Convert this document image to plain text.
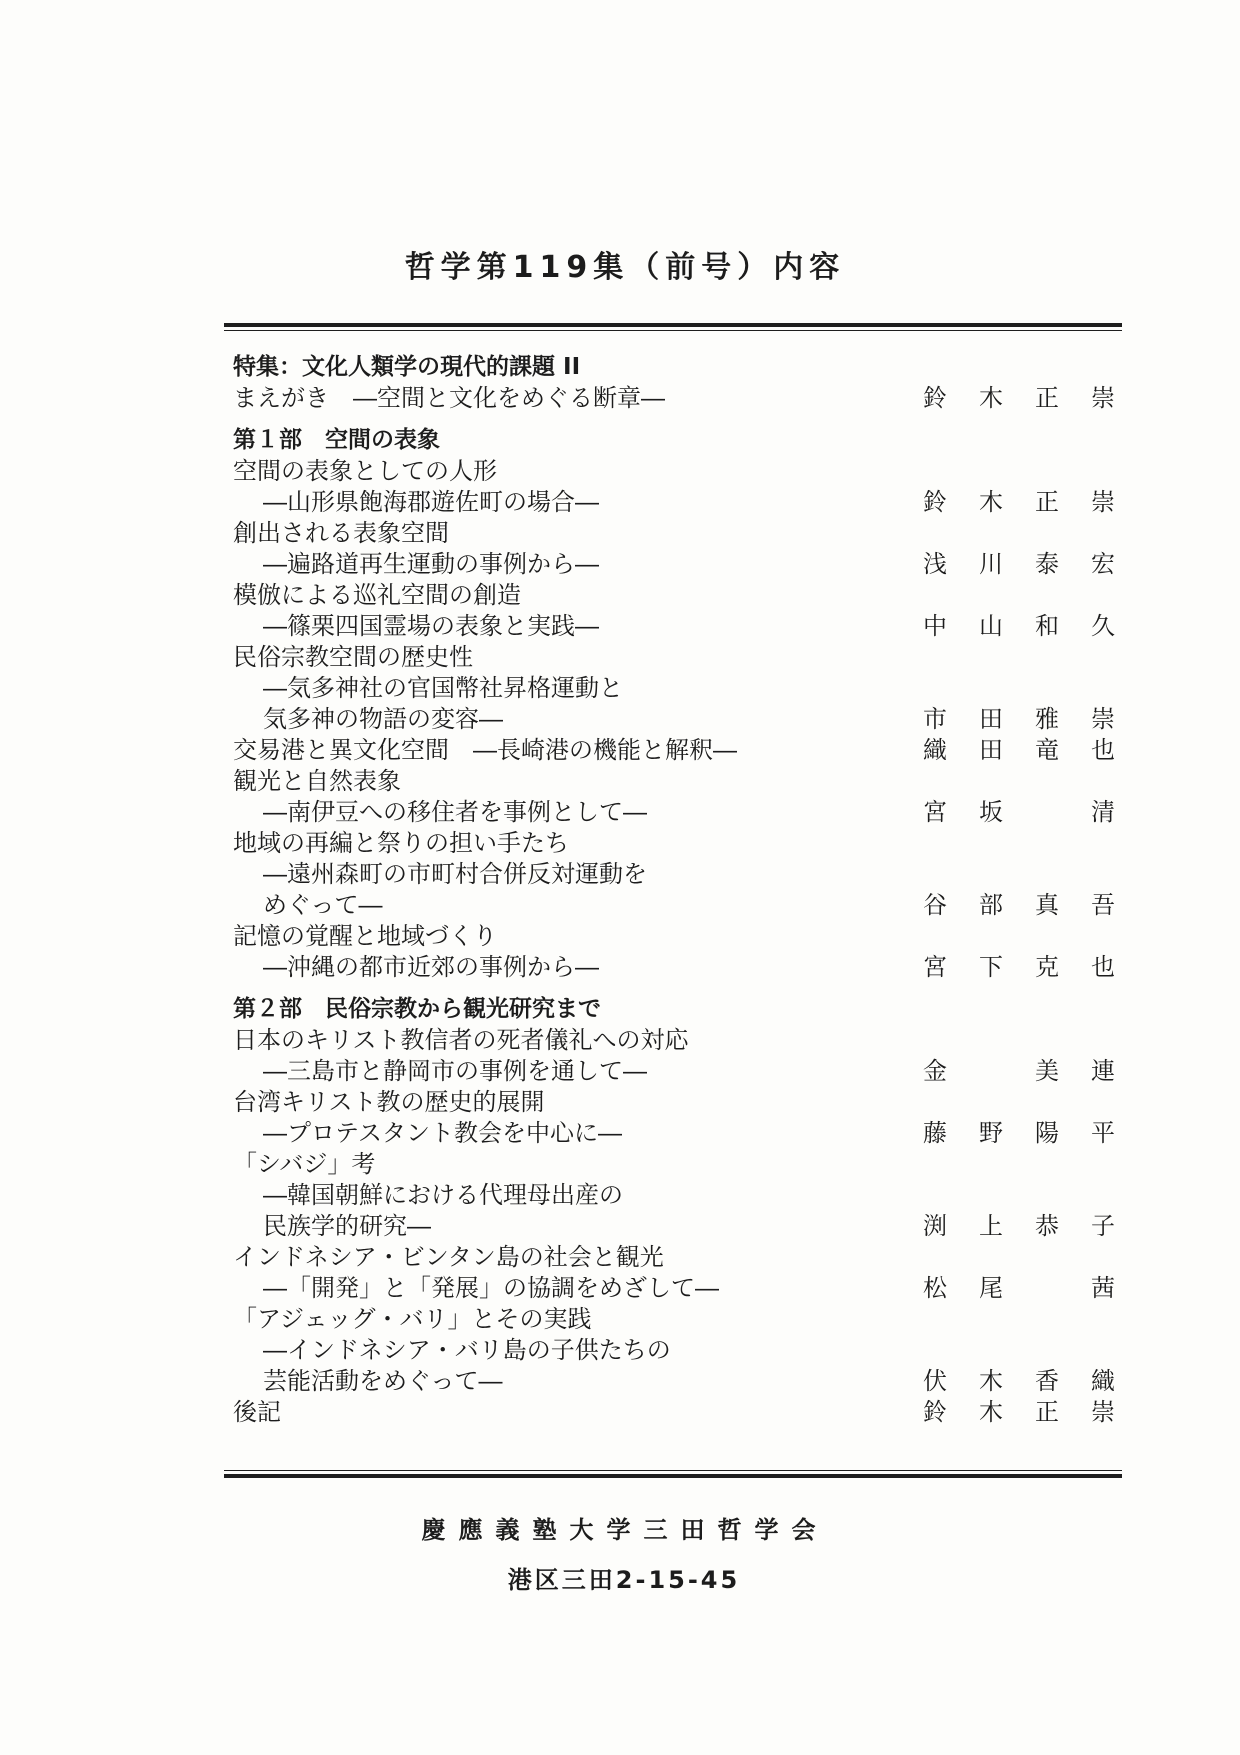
哲学第119集（前号）内容
特集：文化人類学の現代的課題 II
まえがき　―空間と文化をめぐる断章―	鈴木正崇
第１部　空間の表象
空間の表象としての人形
―山形県飽海郡遊佐町の場合―	鈴木正崇
創出される表象空間
―遍路道再生運動の事例から―	浅川泰宏
模倣による巡礼空間の創造
―篠栗四国霊場の表象と実践―	中山和久
民俗宗教空間の歴史性
―気多神社の官国幣社昇格運動と
気多神の物語の変容―	市田雅崇
交易港と異文化空間　―長崎港の機能と解釈―	織田竜也
観光と自然表象
―南伊豆への移住者を事例として―	宮坂　清
地域の再編と祭りの担い手たち
―遠州森町の市町村合併反対運動を
めぐって―	谷部真吾
記憶の覚醒と地域づくり
―沖縄の都市近郊の事例から―	宮下克也
第２部　民俗宗教から観光研究まで
日本のキリスト教信者の死者儀礼への対応
―三島市と静岡市の事例を通して―	金　美連
台湾キリスト教の歴史的展開
―プロテスタント教会を中心に―	藤野陽平
「シバジ」考
―韓国朝鮮における代理母出産の
民族学的研究―	渕上恭子
インドネシア・ビンタン島の社会と観光
―「開発」と「発展」の協調をめざして―	松尾　茜
「アジェッグ・バリ」とその実践
―インドネシア・バリ島の子供たちの
芸能活動をめぐって―	伏木香織
後記	鈴木正崇
慶應義塾大学三田哲学会
港区三田2-15-45
